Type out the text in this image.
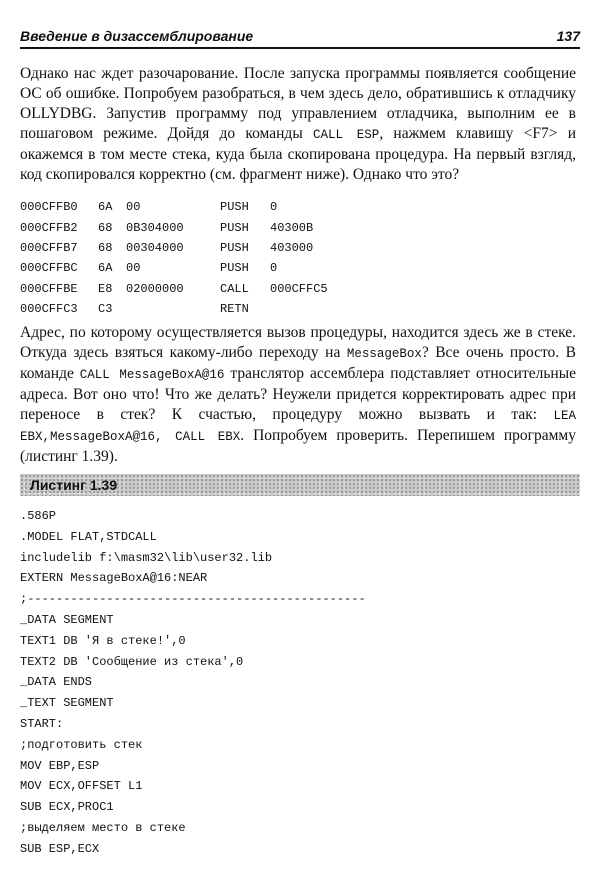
Введение в дизассемблирование	137

Однако нас ждет разочарование. После запуска программы появляется сообщение ОС об ошибке. Попробуем разобраться, в чем здесь дело, обратившись к отладчику OLLYDBG. Запустив программу под управлением отладчика, выполним ее в пошаговом режиме. Дойдя до команды CALL ESP, нажмем клавишу <F7> и окажемся в том месте стека, куда была скопирована процедура. На первый взгляд, код скопировался корректно (см. фрагмент ниже). Однако что это?

000CFFB0	6A	00	PUSH	0
000CFFB2	68	0B304000	PUSH	40300B
000CFFB7	68	00304000	PUSH	403000
000CFFBC	6A	00	PUSH	0
000CFFBE	E8	02000000	CALL	000CFFC5
000CFFC3	C3		RETN	

Адрес, по которому осуществляется вызов процедуры, находится здесь же в стеке. Откуда здесь взяться какому-либо переходу на MessageBox? Все очень просто. В команде CALL MessageBoxA@16 транслятор ассемблера подставляет относительные адреса. Вот оно что! Что же делать? Неужели придется корректировать адрес при переносе в стек? К счастью, процедуру можно вызвать и так: LEA EBX,MessageBoxA@16, CALL EBX. Попробуем проверить. Перепишем программу (листинг 1.39).

Листинг 1.39
.586P
.MODEL FLAT,STDCALL
includelib f:\masm32\lib\user32.lib
EXTERN MessageBoxA@16:NEAR
;-----------------------------------------------
_DATA SEGMENT
TEXT1 DB 'Я в стеке!',0
TEXT2 DB 'Сообщение из стека',0
_DATA ENDS
_TEXT SEGMENT
START:
;подготовить стек
MOV EBP,ESP
MOV ECX,OFFSET L1
SUB ECX,PROC1
;выделяем место в стеке
SUB ESP,ECX
